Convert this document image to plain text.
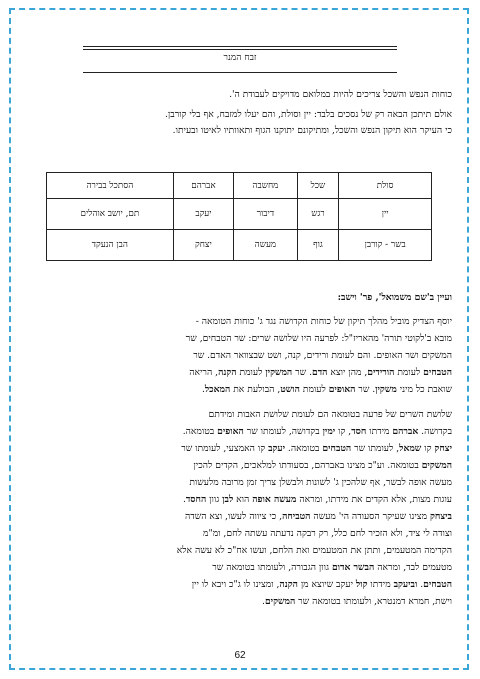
זבח המנר
כוחות הנפש והשכל צריכים להיות במלואם מדויקים לעבודת ה'.
אולם תיתכן הבאה רק של נסכים בלבד: יין וסולת, והם יעלו למזבח, אף בלי קורבן.
כי העיקר הוא תיקון הנפש והשכל, ומתיקונם יתוקנו הגוף ותאוותיו לאיטו ובעיתו.
סולת	שכל	מחשבה	אברהם	הסתכל בבירה
יין	רגש	דיבור	יעקב	תם, יושב אוהלים
בשר - קורבן	גוף	מעשה	יצחק	הבן הנעקד
ועיין ב'שם משמואל', פר' וישב:
יוסף הצדיק מוביל מהלך תיקון של כוחות הקדושה נגד ג' כוחות הטומאה -
מובא ב'לקוטי תורה' מהאריז"ל: לפרעה היו שלושה שרים: שר הטבחים, שר
המשקים ושר האופים. והם לעומת ורידים, קנה, ושט שבצוואר האדם. שר
הטבחים לעומת הורידים, מהן יוצא הדם. שר המשקין לעומת הקנה, הריאה
שואבת כל מיני משקין. שר האופים לעומת הושט, הבולעת את המאכל.
שלושת השרים של פרעה בטומאה הם לעומת שלושת האבות ומידתם
בקדושה. אברהם מידתו חסד, קו ימין בקדושה, לעומתו שר האופים בטומאה.
יצחק קו שמאל, לעומתו שר הטבחים בטומאה. יעקב קו האמצעי, לעומתו שר
המשקים בטומאה. וע"כ מצינו באברהם, בסעודתו למלאכים, הקדים להכין
מעשה אופה לבשר, אף שלהכין ג' לשונות ולבשלן צריך זמן מרובה מלעשות
עוגות מצות, אלא הקדים את מידתו, ומראה מעשה אופה הוא לבן גוון החסד.
ביצחק מצינו שעיקר הסעודה הי' מעשה הטביחה, כי ציווה לעשו, וצא השדה
וצודה לי ציד, ולא הזכיר לחם כלל, רק רבקה נדעתה עשתה לחם, ומ"מ
הקדימה המטעמים, ותתן את המטעמים ואת הלחם, ועשו אח"כ לא עשה אלא
מטעמים לבד, ומראה הבשר אדום גוון הגבורה, ולעומתו בטומאה שר
הטבחים. וביעקב מידתו קול יעקב שיוצא מן הקנה, ומצינו לו ג"כ ויבא לו יין
וישת, חמרא דמנטרא, ולעומתו בטומאה שר המשקים.
62
